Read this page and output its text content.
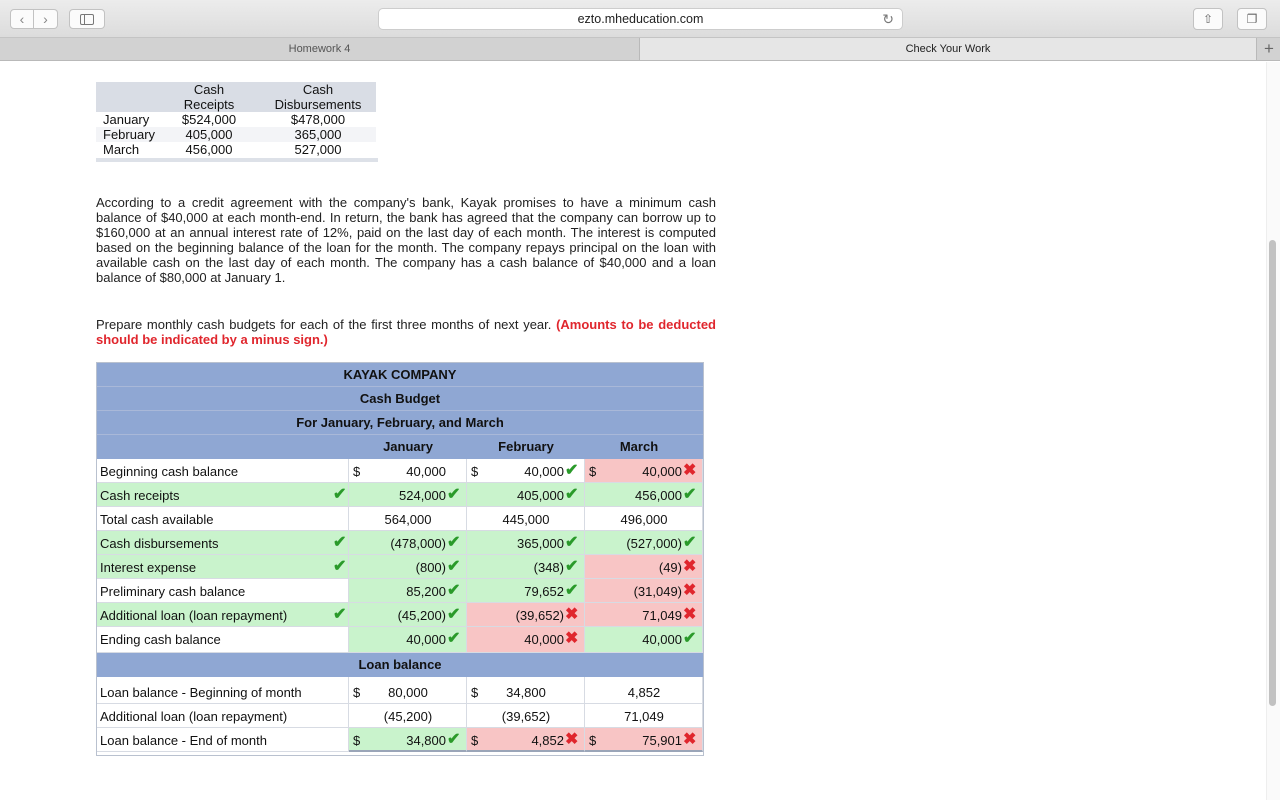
‹	›	ezto.mheducation.com	↻	⇧	❐
Homework 4	Check Your Work	+
Cash
Receipts
Cash
Disbursements
January	$524,000	$478,000
February	405,000	365,000
March	456,000	527,000

According to a credit agreement with the company's bank, Kayak promises to have a minimum cash balance of $40,000 at each month-end. In return, the bank has agreed that the company can borrow up to $160,000 at an annual interest rate of 12%, paid on the last day of each month. The interest is computed based on the beginning balance of the loan for the month. The company repays principal on the loan with available cash on the last day of each month. The company has a cash balance of $40,000 and a loan balance of $80,000 at January 1.

Prepare monthly cash budgets for each of the first three months of next year. (Amounts to be deducted should be indicated by a minus sign.)

KAYAK COMPANY
Cash Budget
For January, February, and March
January	February	March
Beginning cash balance	$	40,000 $	40,000 ✔ $	40,000 ✖
Cash receipts	✔	524,000 ✔	405,000 ✔	456,000 ✔
Total cash available	564,000	445,000	496,000
Cash disbursements	✔	(478,000) ✔	365,000 ✔	(527,000) ✔
Interest expense	✔	(800) ✔	(348) ✔	(49) ✖
Preliminary cash balance	85,200 ✔	79,652 ✔	(31,049) ✖
Additional loan (loan repayment)	✔	(45,200) ✔	(39,652) ✖	71,049 ✖
Ending cash balance	40,000 ✔	40,000 ✖	40,000 ✔
Loan balance
Loan balance - Beginning of month	$	80,000	$	34,800	4,852
Additional loan (loan repayment)	(45,200)	(39,652)	71,049
Loan balance - End of month	$	34,800 ✔ $	4,852 ✖ $	75,901 ✖
